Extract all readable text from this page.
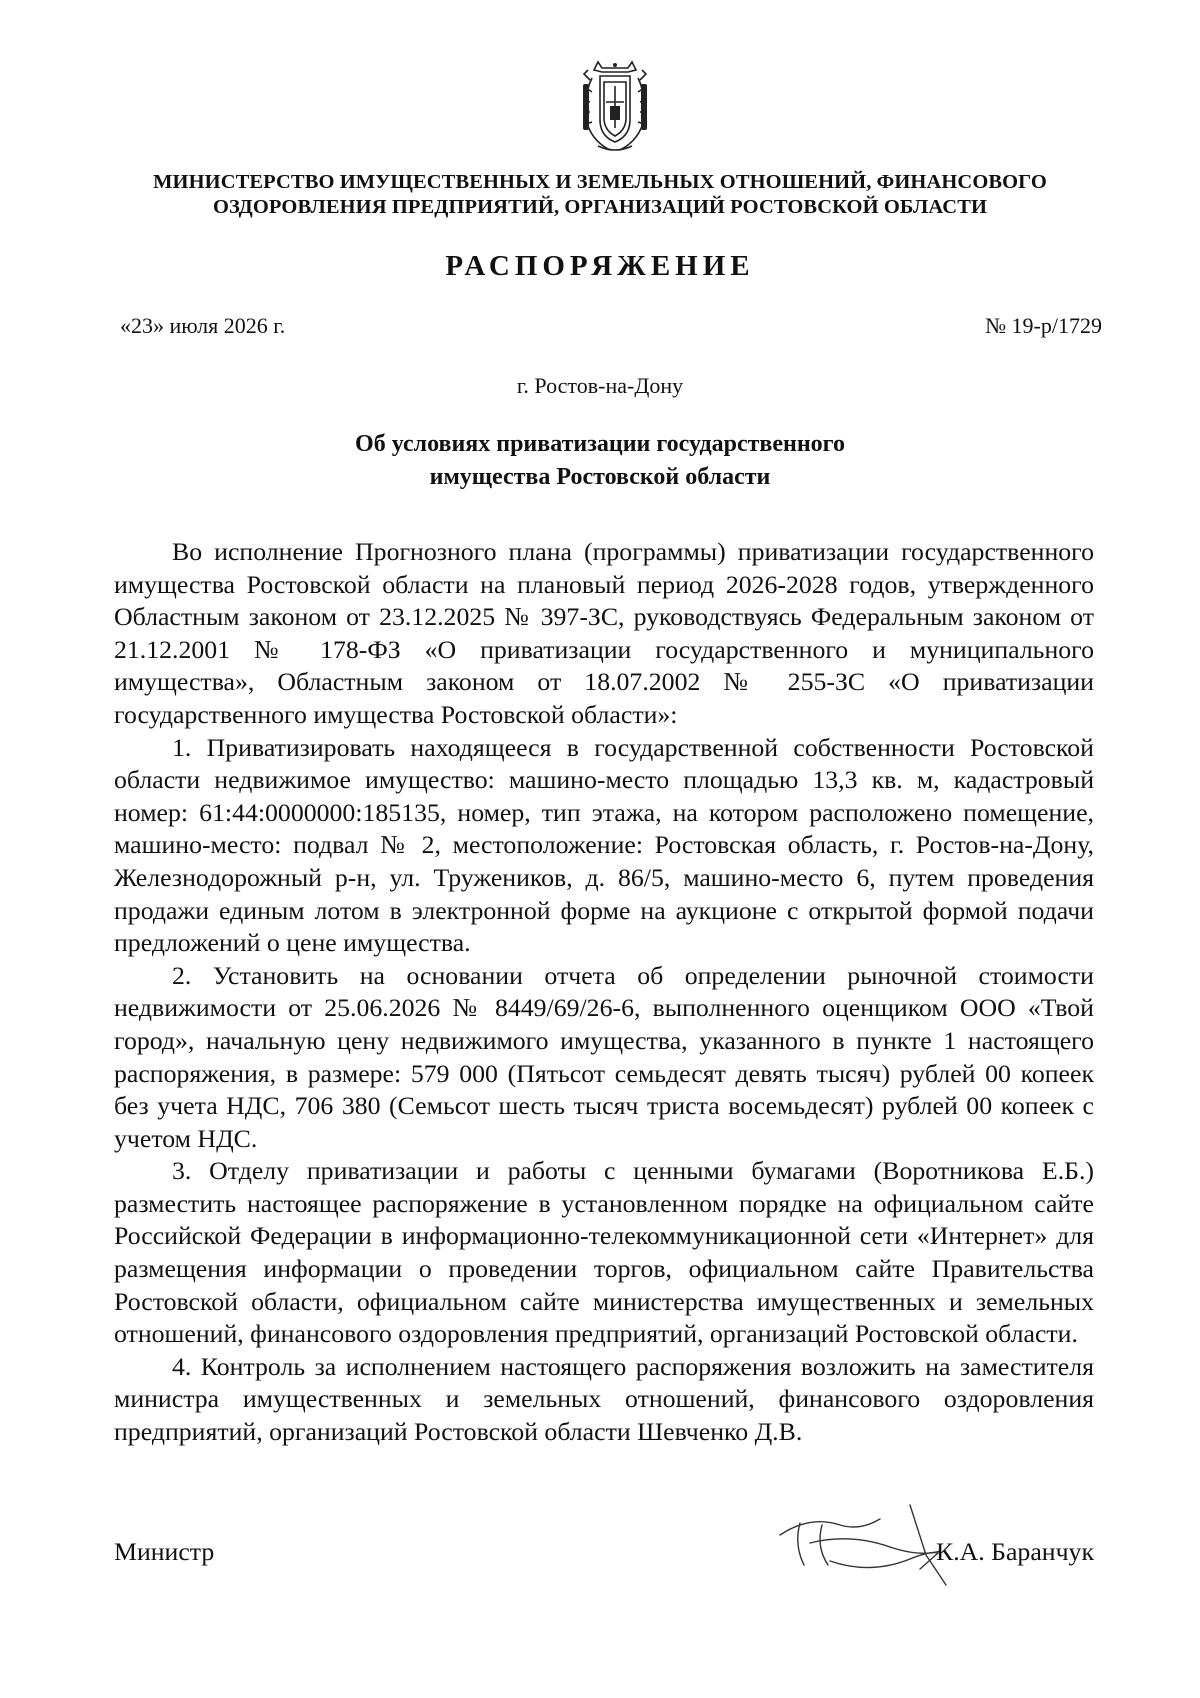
МИНИСТЕРСТВО ИМУЩЕСТВЕННЫХ И ЗЕМЕЛЬНЫХ ОТНОШЕНИЙ, ФИНАНСОВОГО
ОЗДОРОВЛЕНИЯ ПРЕДПРИЯТИЙ, ОРГАНИЗАЦИЙ РОСТОВСКОЙ ОБЛАСТИ
РАСПОРЯЖЕНИЕ
«23» июля 2026 г.	№ 19-р/1729
г. Ростов-на-Дону
Об условиях приватизации государственного
имущества Ростовской области

Во исполнение Прогнозного плана (программы) приватизации государственного имущества Ростовской области на плановый период 2026-2028 годов, утвержденного Областным законом от 23.12.2025 № 397-ЗС, руководствуясь Федеральным законом от 21.12.2001 № 178-ФЗ «О приватизации государственного и муниципального имущества», Областным законом от 18.07.2002 № 255-ЗС «О приватизации государственного имущества Ростовской области»:

1. Приватизировать находящееся в государственной собственности Ростовской области недвижимое имущество: машино-место площадью 13,3 кв. м, кадастровый номер: 61:44:0000000:185135, номер, тип этажа, на котором расположено помещение, машино-место: подвал № 2, местоположение: Ростовская область, г. Ростов-на-Дону, Железнодорожный р-н, ул. Тружеников, д. 86/5, машино-место 6, путем проведения продажи единым лотом в электронной форме на аукционе с открытой формой подачи предложений о цене имущества.

2. Установить на основании отчета об определении рыночной стоимости недвижимости от 25.06.2026 № 8449/69/26-6, выполненного оценщиком ООО «Твой город», начальную цену недвижимого имущества, указанного в пункте 1 настоящего распоряжения, в размере: 579 000 (Пятьсот семьдесят девять тысяч) рублей 00 копеек без учета НДС, 706 380 (Семьсот шесть тысяч триста восемьдесят) рублей 00 копеек с учетом НДС.

3. Отделу приватизации и работы с ценными бумагами (Воротникова Е.Б.) разместить настоящее распоряжение в установленном порядке на официальном сайте Российской Федерации в информационно-телекоммуникационной сети «Интернет» для размещения информации о проведении торгов, официальном сайте Правительства Ростовской области, официальном сайте министерства имущественных и земельных отношений, финансового оздоровления предприятий, организаций Ростовской области.

4. Контроль за исполнением настоящего распоряжения возложить на заместителя министра имущественных и земельных отношений, финансового оздоровления предприятий, организаций Ростовской области Шевченко Д.В.

Министр	К.А. Баранчук
